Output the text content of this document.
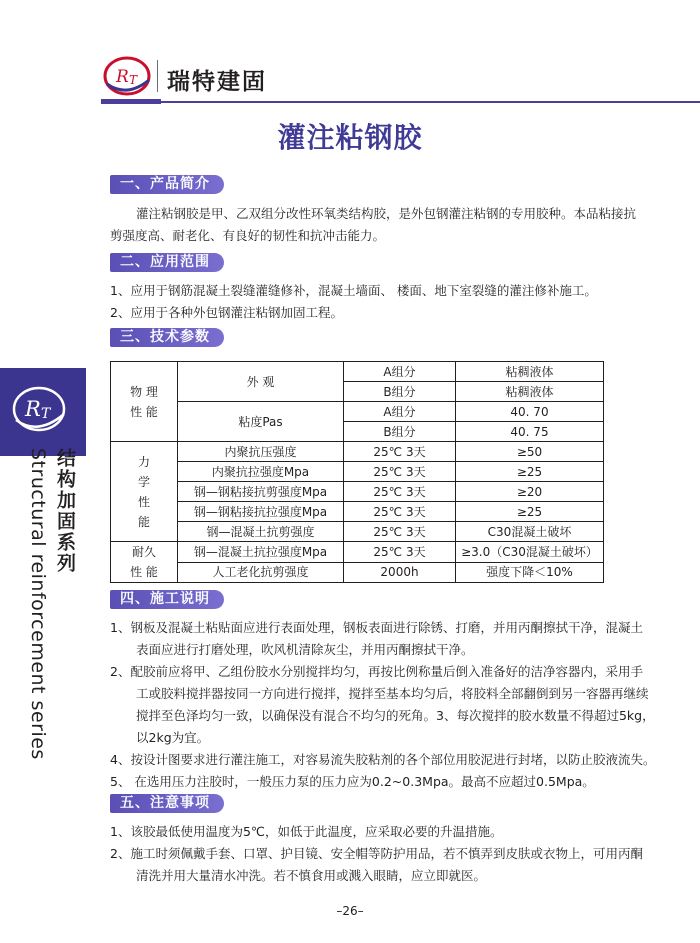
R T 瑞特建固
灌注粘钢胶
R T
结构加固系列
Structural reinforcement series
一、产品简介
灌注粘钢胶是甲、乙双组分改性环氧类结构胶，是外包钢灌注粘钢的专用胶种。本品粘接抗
剪强度高、耐老化、有良好的韧性和抗冲击能力。
二、应用范围
1、应用于钢筋混凝土裂缝灌缝修补，混凝土墙面、 楼面、地下室裂缝的灌注修补施工。
2、应用于各种外包钢灌注粘钢加固工程。
三、技术参数
物 理
性 能	外 观	A组分	粘稠液体
		B组分	粘稠液体
	粘度Pas	A组分	40. 70
		B组分	40. 75
力
学
性
能	内聚抗压强度	25℃ 3天	≥50
	内聚抗拉强度Mpa	25℃ 3天	≥25
	钢—钢粘接抗剪强度Mpa	25℃ 3天	≥20
	钢—钢粘接抗拉强度Mpa	25℃ 3天	≥25
	钢—混凝土抗剪强度	25℃ 3天	C30混凝土破坏
耐久
性 能	钢—混凝土抗拉强度Mpa	25℃ 3天	≥3.0（C30混凝土破坏）
	人工老化抗剪强度	2000h	强度下降＜10%
四、施工说明
1、钢板及混凝土粘贴面应进行表面处理，钢板表面进行除锈、打磨，并用丙酮擦拭干净，混凝土
表面应进行打磨处理，吹风机清除灰尘，并用丙酮擦拭干净。
2、配胶前应将甲、乙组份胶水分别搅拌均匀，再按比例称量后倒入准备好的洁净容器内，采用手
工或胶料搅拌器按同一方向进行搅拌，搅拌至基本均匀后，将胶料全部翻倒到另一容器再继续
搅拌至色泽均匀一致，以确保没有混合不均匀的死角。3、每次搅拌的胶水数量不得超过5kg，
以2kg为宜。
4、按设计图要求进行灌注施工，对容易流失胶粘剂的各个部位用胶泥进行封堵，以防止胶液流失。
5、 在选用压力注胶时，一般压力泵的压力应为0.2~0.3Mpa。最高不应超过0.5Mpa。
五、注意事项
1、该胶最低使用温度为5℃，如低于此温度，应采取必要的升温措施。
2、施工时须佩戴手套、口罩、护目镜、安全帽等防护用品，若不慎弄到皮肤或衣物上，可用丙酮
清洗并用大量清水冲洗。若不慎食用或溅入眼睛，应立即就医。
–26–
